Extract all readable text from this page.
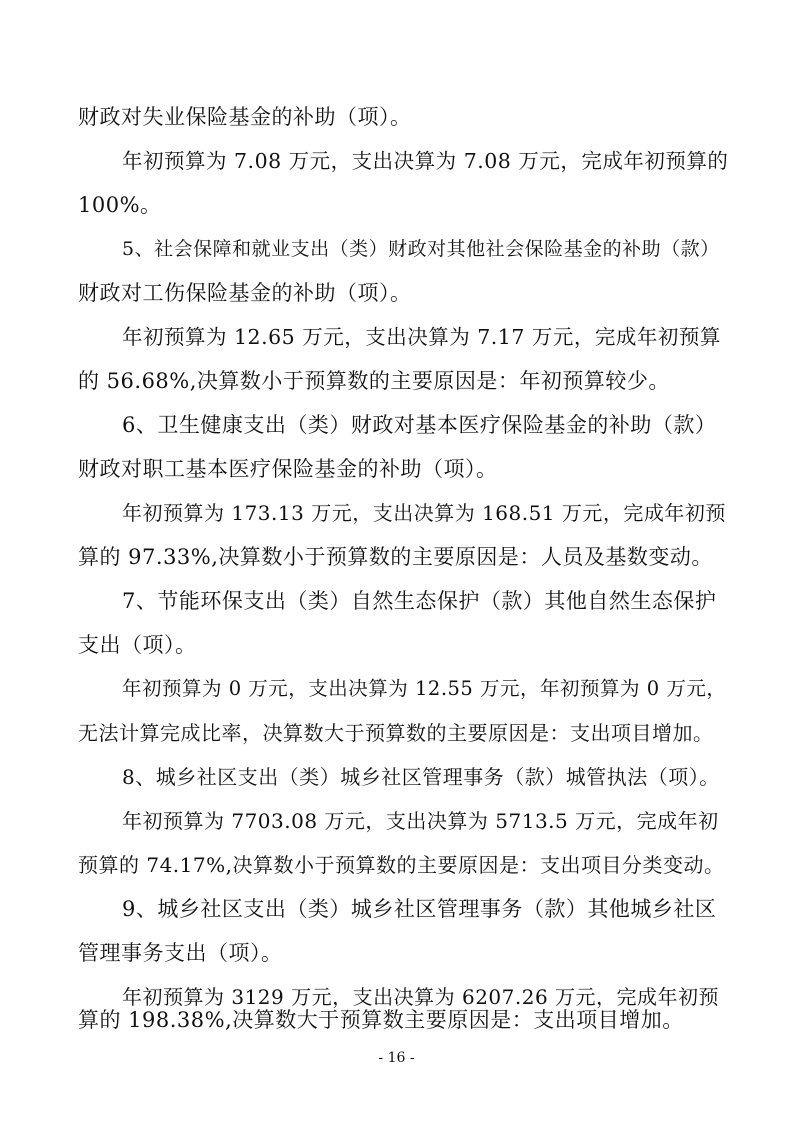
财政对失业保险基金的补助（项）。
年初预算为 7.08 万元，支出决算为 7.08 万元，完成年初预算的
100%。
5、社会保障和就业支出（类）财政对其他社会保险基金的补助（款）
财政对工伤保险基金的补助（项）。
年初预算为 12.65 万元，支出决算为 7.17 万元，完成年初预算
的 56.68%,决算数小于预算数的主要原因是：年初预算较少。
6、卫生健康支出（类）财政对基本医疗保险基金的补助（款）
财政对职工基本医疗保险基金的补助（项）。
年初预算为 173.13 万元，支出决算为 168.51 万元，完成年初预
算的 97.33%,决算数小于预算数的主要原因是：人员及基数变动。
7、节能环保支出（类）自然生态保护（款）其他自然生态保护
支出（项）。
年初预算为 0 万元，支出决算为 12.55 万元，年初预算为 0 万元，
无法计算完成比率，决算数大于预算数的主要原因是：支出项目增加。
8、城乡社区支出（类）城乡社区管理事务（款）城管执法（项）。
年初预算为 7703.08 万元，支出决算为 5713.5 万元，完成年初
预算的 74.17%,决算数小于预算数的主要原因是：支出项目分类变动。
9、城乡社区支出（类）城乡社区管理事务（款）其他城乡社区
管理事务支出（项）。
年初预算为 3129 万元，支出决算为 6207.26 万元，完成年初预
算的 198.38%,决算数大于预算数主要原因是：支出项目增加。
- 16 -
